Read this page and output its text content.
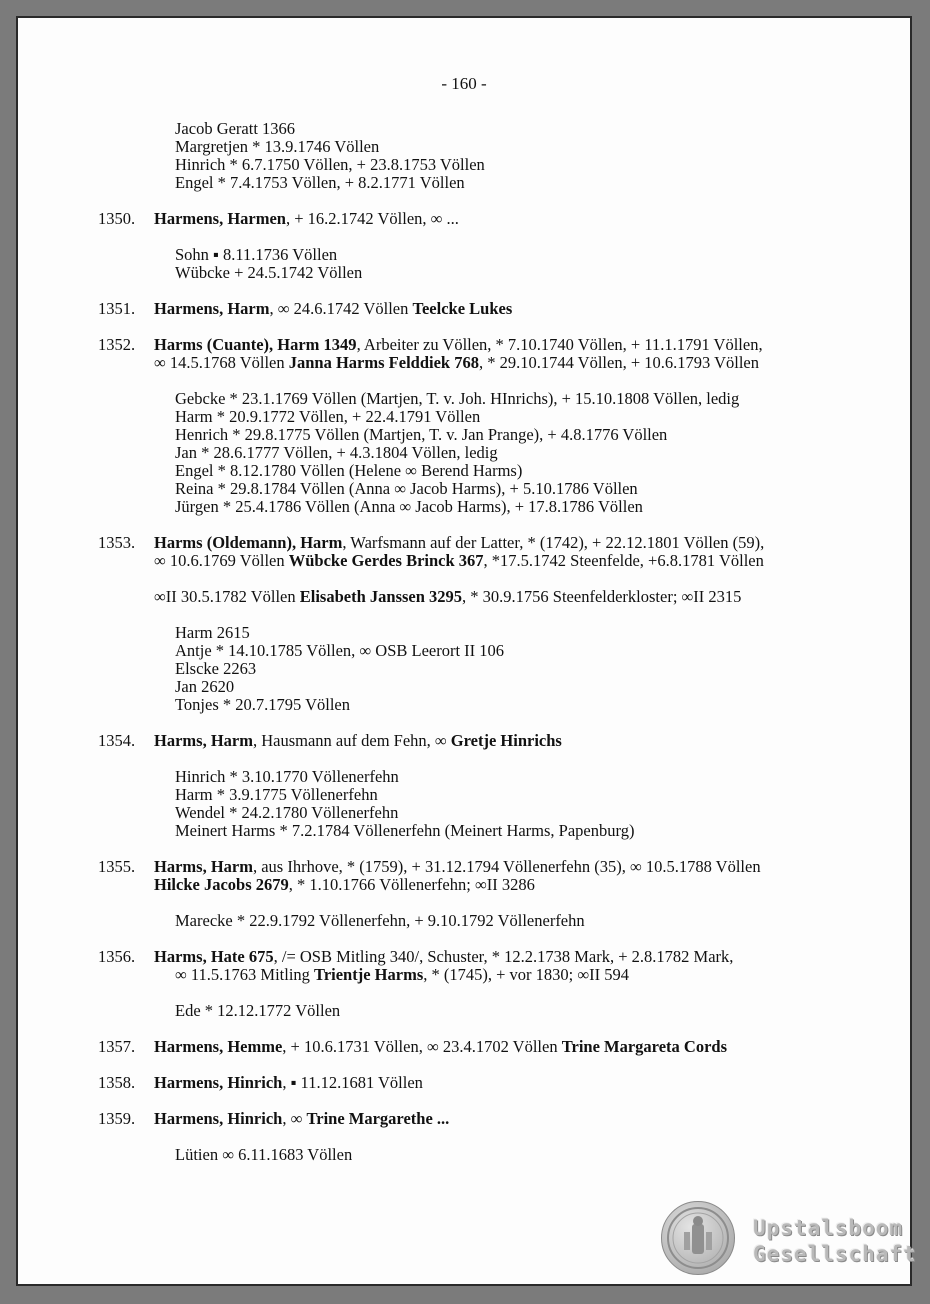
- 160 -
Jacob Geratt 1366
Margretjen * 13.9.1746 Völlen
Hinrich * 6.7.1750 Völlen, + 23.8.1753 Völlen
Engel * 7.4.1753 Völlen, + 8.2.1771 Völlen
1350. Harmens, Harmen, + 16.2.1742 Völlen, ∞ ...
Sohn ▪ 8.11.1736 Völlen
Wübcke + 24.5.1742 Völlen
1351. Harmens, Harm, ∞ 24.6.1742 Völlen Teelcke Lukes
1352. Harms (Cuante), Harm 1349, Arbeiter zu Völlen, * 7.10.1740 Völlen, + 11.1.1791 Völlen,
∞ 14.5.1768 Völlen Janna Harms Felddiek 768, * 29.10.1744 Völlen, + 10.6.1793 Völlen
Gebcke * 23.1.1769 Völlen (Martjen, T. v. Joh. HInrichs), + 15.10.1808 Völlen, ledig
Harm * 20.9.1772 Völlen, + 22.4.1791 Völlen
Henrich * 29.8.1775 Völlen (Martjen, T. v. Jan Prange), + 4.8.1776 Völlen
Jan * 28.6.1777 Völlen, + 4.3.1804 Völlen, ledig
Engel * 8.12.1780 Völlen (Helene ∞ Berend Harms)
Reina * 29.8.1784 Völlen (Anna ∞ Jacob Harms), + 5.10.1786 Völlen
Jürgen * 25.4.1786 Völlen (Anna ∞ Jacob Harms), + 17.8.1786 Völlen
1353. Harms (Oldemann), Harm, Warfsmann auf der Latter, * (1742), + 22.12.1801 Völlen (59),
∞ 10.6.1769 Völlen Wübcke Gerdes Brinck 367, *17.5.1742 Steenfelde, +6.8.1781 Völlen
∞II 30.5.1782 Völlen Elisabeth Janssen 3295, * 30.9.1756 Steenfelderkloster; ∞II 2315
Harm 2615
Antje * 14.10.1785 Völlen, ∞ OSB Leerort II 106
Elscke 2263
Jan 2620
Tonjes * 20.7.1795 Völlen
1354. Harms, Harm, Hausmann auf dem Fehn, ∞ Gretje Hinrichs
Hinrich * 3.10.1770 Völlenerfehn
Harm * 3.9.1775 Völlenerfehn
Wendel * 24.2.1780 Völlenerfehn
Meinert Harms * 7.2.1784 Völlenerfehn (Meinert Harms, Papenburg)
1355. Harms, Harm, aus Ihrhove, * (1759), + 31.12.1794 Völlenerfehn (35), ∞ 10.5.1788 Völlen
Hilcke Jacobs 2679, * 1.10.1766 Völlenerfehn; ∞II 3286
Marecke * 22.9.1792 Völlenerfehn, + 9.10.1792 Völlenerfehn
1356. Harms, Hate 675, /= OSB Mitling 340/, Schuster, * 12.2.1738 Mark, + 2.8.1782 Mark,
∞ 11.5.1763 Mitling Trientje Harms, * (1745), + vor 1830; ∞II 594
Ede * 12.12.1772 Völlen
1357. Harmens, Hemme, + 10.6.1731 Völlen, ∞ 23.4.1702 Völlen Trine Margareta Cords
1358. Harmens, Hinrich, ▪ 11.12.1681 Völlen
1359. Harmens, Hinrich, ∞ Trine Margarethe ...
Lütien ∞ 6.11.1683 Völlen
Upstalsboom
Gesellschaft
